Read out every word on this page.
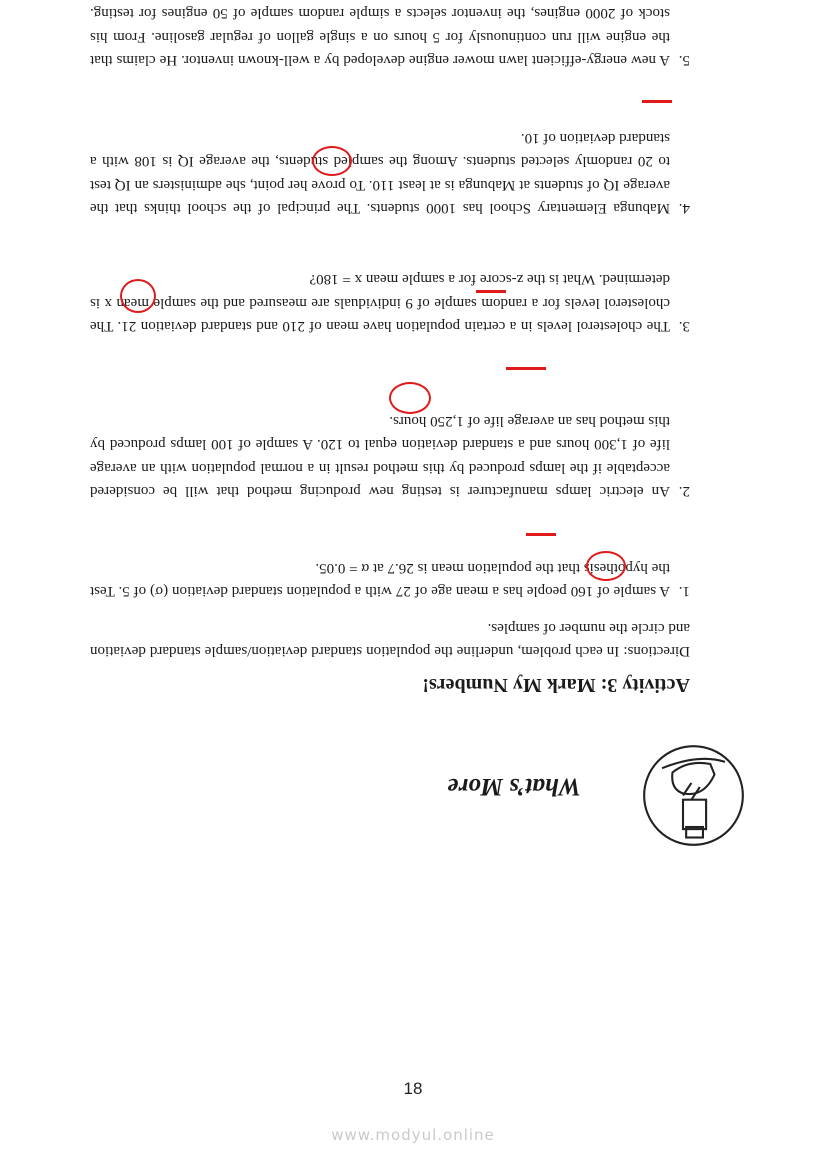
What’s More
Activity 3: Mark My Numbers!
Directions: In each problem, underline the population standard deviation/sample standard deviation and circle the number of samples.
1.
A sample of 160 people has a mean age of 27 with a population standard deviation (σ) of 5. Test the hypothesis that the population mean is 26.7 at α = 0.05.
2.
An electric lamps manufacturer is testing new producing method that will be considered acceptable if the lamps produced by this method result in a normal population with an average life of 1,300 hours and a standard deviation equal to 120. A sample of 100 lamps produced by this method has an average life of 1,250 hours.
3.
The cholesterol levels in a certain population have mean of 210 and standard deviation 21. The cholesterol levels for a random sample of 9 individuals are measured and the sample mean x is determined. What is the z-score for a sample mean x = 180?
4.
Mabunga Elementary School has 1000 students. The principal of the school thinks that the average IQ of students at Mabunga is at least 110. To prove her point, she administers an IQ test to 20 randomly selected students. Among the sampled students, the average IQ is 108 with a standard deviation of 10.
5.
A new energy-efficient lawn mower engine developed by a well-known inventor. He claims that the engine will run continuously for 5 hours on a single gallon of regular gasoline. From his stock of 2000 engines, the inventor selects a simple random sample of 50 engines for testing.
18
www.modyul.online
